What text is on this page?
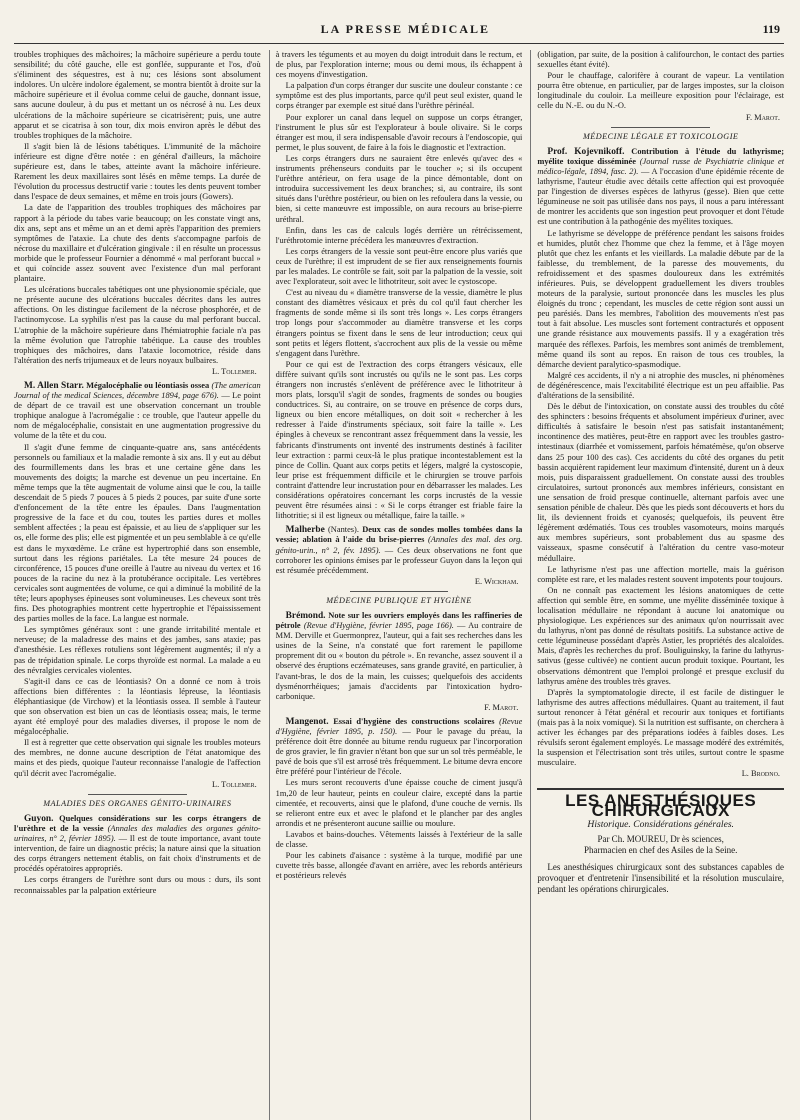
LA PRESSE MÉDICALE	119

troubles trophiques des mâchoires; la mâchoire supérieure a perdu toute sensibilité; du côté gauche, elle est gonflée, suppurante et l'os, d'où s'éliminent des séquestres, est à nu; ces lésions sont absolument indolores. Un ulcère indolore également, se montra bientôt à droite sur la mâchoire supérieure et il évolua comme celui de gauche, donnant issue, sans aucune douleur, à du pus et mettant un os nécrosé à nu. Les deux ulcérations de la mâchoire supérieure se cicatrisèrent; puis, une autre apparut et se cicatrisa à son tour, dix mois environ après le début des troubles trophiques de la mâchoire.

Il s'agit bien là de lésions tabétiques. L'immunité de la mâchoire inférieure est digne d'être notée : en général d'ailleurs, la mâchoire supérieure est, dans le tabes, atteinte avant la mâchoire inférieure. Rarement les deux maxillaires sont lésés en même temps. La durée de l'évolution du processus destructif varie : toutes les dents peuvent tomber dans l'espace de deux semaines, et même en trois jours (Gowers).

La date de l'apparition des troubles trophiques des mâchoires par rapport à la période du tabes varie beaucoup; on les constate vingt ans, dix ans, sept ans et même un an et demi après l'apparition des premiers symptômes de l'ataxie. La chute des dents s'accompagne parfois de nécrose du maxillaire et d'ulcération gingivale : il en résulte un processus morbide que le professeur Fournier a dénommé « mal perforant buccal » et qui coïncide assez souvent avec l'existence d'un mal perforant plantaire.

Les ulcérations buccales tabétiques ont une physionomie spéciale, que ne présente aucune des ulcérations buccales décrites dans les autres affections. On les distingue facilement de la nécrose phosphorée, et de l'actinomycose. La syphilis n'est pas la cause du mal perforant buccal. L'atrophie de la mâchoire supérieure dans l'hémiatrophie faciale n'a pas la même évolution que l'atrophie tabétique. La cause des troubles trophiques des mâchoires, dans l'ataxie locomotrice, réside dans l'altération des nerfs trijumeaux et de leurs noyaux bulbaires.

L. Tollemer.

M. Allen Starr. Mégalocéphalie ou léontiasis ossea (The american Journal of the medical Sciences, décembre 1894, page 676). — Le point de départ de ce travail est une observation concernant un trouble trophique analogue à l'acromégalie : ce trouble, que l'auteur appelle du nom de mégalocéphalie, consistait en une augmentation progressive du volume de la tête et du cou.

Il s'agit d'une femme de cinquante-quatre ans, sans antécédents personnels ou familiaux et la maladie remonte à six ans. Il y eut au début des fourmillements dans les bras et une certaine gêne dans les mouvements des doigts; la marche est devenue un peu incertaine. En même temps que la tête augmentait de volume ainsi que le cou, la taille descendait de 5 pieds 7 pouces à 5 pieds 2 pouces, par suite d'une sorte d'enfoncement de la tête entre les épaules. Dans l'augmentation progressive de la face et du cou, toutes les parties dures et molles semblent affectées ; la peau est épaissie, et au lieu de s'appliquer sur les os, elle forme des plis; elle est pigmentée et un peu semblable à ce qu'elle est dans le myxœdème. Le crâne est hypertrophié dans son ensemble, surtout dans les régions pariétales. La tête mesure 24 pouces de circonférence, 15 pouces d'une oreille à l'autre au niveau du vertex et 16 pouces de la racine du nez à la protubérance occipitale. Les vertèbres cervicales sont augmentées de volume, ce qui a diminué la mobilité de la tête; leurs apophyses épineuses sont volumineuses. Les cheveux sont très fins. Des photographies montrent cette hypertrophie et l'épaississement des parties molles de la face. La langue est normale.

Les symptômes généraux sont : une grande irritabilité mentale et nerveuse; de la maladresse des mains et des jambes, sans ataxie; pas d'anesthésie. Les réflexes rotuliens sont légèrement augmentés; il n'y a pas de trépidation spinale. Le corps thyroïde est normal. La malade a eu des névralgies cervicales violentes.

S'agit-il dans ce cas de léontiasis? On a donné ce nom à trois affections bien différentes : la léontiasis lépreuse, la léontiasis éléphantiasique (de Virchow) et la léontiasis ossea. Il semble à l'auteur que son observation est bien un cas de léontiasis ossea; mais, le terme ayant été employé pour des maladies diverses, il propose le nom de mégalocéphalie.

Il est à regretter que cette observation qui signale les troubles moteurs des membres, ne donne aucune description de l'état anatomique des mains et des pieds, quoique l'auteur reconnaisse l'analogie de l'affection qu'il décrit avec l'acromégalie.

L. Tollemer.
MALADIES DES ORGANES GÉNITO-URINAIRES

Guyon. Quelques considérations sur les corps étrangers de l'urèthre et de la vessie (Annales des maladies des organes génito-urinaires, n° 2, février 1895). — Il est de toute importance, avant toute intervention, de faire un diagnostic précis; la nature ainsi que la situation des corps étrangers nettement établis, on fait choix d'instruments et de procédés opératoires appropriés.

Les corps étrangers de l'urèthre sont durs ou mous : durs, ils sont reconnaissables par la palpation extérieure

à travers les téguments et au moyen du doigt introduit dans le rectum, et de plus, par l'exploration interne; mous ou demi mous, ils échappent à ces moyens d'investigation.

La palpation d'un corps étranger dur suscite une douleur constante : ce symptôme est des plus importants, parce qu'il peut seul exister, quand le corps étranger par exemple est situé dans l'urèthre périnéal.

Pour explorer un canal dans lequel on suppose un corps étranger, l'instrument le plus sûr est l'explorateur à boule olivaire. Si le corps étranger est mou, il sera indispensable d'avoir recours à l'endoscopie, qui permet, le plus souvent, de faire à la fois le diagnostic et l'extraction.

Les corps étrangers durs ne sauraient être enlevés qu'avec des « instruments préhenseurs conduits par le toucher »; si ils occupent l'urèthre antérieur, on fera usage de la pince démontable, dont on introduira successivement les deux branches; si, au contraire, ils sont situés dans l'urèthre postérieur, ou bien on les refoulera dans la vessie, ou bien, si cette manœuvre est impossible, on aura recours au brise-pierre uréthral.

Enfin, dans les cas de calculs logés derrière un rétrécissement, l'uréthrotomie interne précédera les manœuvres d'extraction.

Les corps étrangers de la vessie sont peut-être encore plus variés que ceux de l'urèthre; il est imprudent de se fier aux renseignements fournis par les malades. Le contrôle se fait, soit par la palpation de la vessie, soit avec l'explorateur, soit avec le lithotriteur, soit avec le cystoscope.

C'est au niveau du « diamètre transverse de la vessie, diamètre le plus constant des diamètres vésicaux et près du col qu'il faut chercher les fragments de sonde même si ils sont très longs ». Les corps étrangers trop longs pour s'accommoder au diamètre transverse et les corps étrangers pointus se fixent dans le sens de leur introduction; ceux qui sont petits et légers flottent, s'accrochent aux plis de la vessie ou même s'engagent dans l'urèthre.

Pour ce qui est de l'extraction des corps étrangers vésicaux, elle diffère suivant qu'ils sont incrustés ou qu'ils ne le sont pas. Les corps étrangers non incrustés s'enlèvent de préférence avec le lithotriteur à mors plats, lorsqu'il s'agit de sondes, fragments de sondes ou bougies conductrices. Si, au contraire, on se trouve en présence de corps durs, ligneux ou bien encore métalliques, on doit soit « rechercher à les redresser à l'aide d'instruments spéciaux, soit faire la taille ». Les épingles à cheveux se rencontrant assez fréquemment dans la vessie, les fabricants d'instruments ont inventé des instruments destinés à faciliter leur extraction : parmi ceux-là le plus pratique incontestablement est la pince de Collin. Quant aux corps petits et légers, malgré la cystoscopie, leur prise est fréquemment difficile et le chirurgien se trouve parfois contraint d'attendre leur incrustation pour en débarrasser les malades. Les considérations opératoires concernant les corps incrustés de la vessie peuvent être résumées ainsi : « Si le corps étranger est friable faire la lithotritie; si il est ligneux ou métallique, faire la taille. »

Malherbe (Nantes). Deux cas de sondes molles tombées dans la vessie; ablation à l'aide du brise-pierres (Annales des mal. des org. génito-urin., n° 2, fév. 1895). — Ces deux observations ne font que corroborer les opinions émises par le professeur Guyon dans la leçon qui est résumée précédemment.

E. Wickham.
MÉDECINE PUBLIQUE ET HYGIÈNE

Brémond. Note sur les ouvriers employés dans les raffineries de pétrole (Revue d'Hygiène, février 1895, page 166). — Au contraire de MM. Derville et Guermonprez, l'auteur, qui a fait ses recherches dans les usines de la Seine, n'a constaté que fort rarement le papillome proprement dit ou « bouton du pétrole ». En revanche, assez souvent il a observé des éruptions eczémateuses, sans grande gravité, en particulier, à l'avant-bras, le dos de la main, les cuisses; quelquefois des accidents dysménorrhéiques; jamais d'accidents par l'intoxication hydro-carbonique.

F. Marot.

Mangenot. Essai d'hygiène des constructions scolaires (Revue d'Hygiène, février 1895, p. 150). — Pour le pavage du préau, la préférence doit être donnée au bitume rendu rugueux par l'incorporation de gros gravier, le fin gravier n'étant bon que sur un sol très perméable, le pavé de bois que s'il est arrosé très fréquemment. Le bitume devra encore être préféré pour l'intérieur de l'école.

Les murs seront recouverts d'une épaisse couche de ciment jusqu'à 1m,20 de leur hauteur, peints en couleur claire, excepté dans la partie cimentée, et recouverts, ainsi que le plafond, d'une couche de vernis. Ils se relieront entre eux et avec le plafond et le plancher par des angles arrondis et ne présenteront aucune saillie ou moulure.

Lavabos et bains-douches. Vêtements laissés à l'extérieur de la salle de classe.

Pour les cabinets d'aisance : système à la turque, modifié par une cuvette très basse, allongée d'avant en arrière, avec les rebords antérieurs et postérieurs relevés

(obligation, par suite, de la position à califourchon, le contact des parties sexuelles étant évité).

Pour le chauffage, calorifère à courant de vapeur. La ventilation pourra être obtenue, en particulier, par de larges impostes, sur la cloison longitudinale du couloir. La meilleure exposition pour l'éclairage, est celle du N.-E. ou du N.-O.

F. Marot.
MÉDECINE LÉGALE ET TOXICOLOGIE

Prof. Kojevnikoff. Contribution à l'étude du lathyrisme; myélite toxique disséminée (Journal russe de Psychiatrie clinique et médico-légale, 1894, fasc. 2). — A l'occasion d'une épidémie récente de lathyrisme, l'auteur étudie avec détails cette affection qui est provoquée par l'ingestion de diverses espèces de lathyrus (gesse). Bien que cette légumineuse ne soit pas utilisée dans nos pays, il nous a paru intéressant de montrer les accidents que son ingestion peut provoquer et dont l'étude est une contribution à la pathogénie des myélites toxiques.

Le lathyrisme se développe de préférence pendant les saisons froides et humides, plutôt chez l'homme que chez la femme, et à l'âge moyen plutôt que chez les enfants et les vieillards. La maladie débute par de la faiblesse, du tremblement, de la paresse des mouvements, du refroidissement et des spasmes douloureux dans les extrémités inférieures. Puis, se développent graduellement les divers troubles moteurs de la paralysie, surtout prononcée dans les muscles les plus éloignés du tronc ; cependant, les muscles de cette région sont aussi un peu parésiés. Dans les membres, l'abolition des mouvements n'est pas tout à fait absolue. Les muscles sont fortement contracturés et opposent une grande résistance aux mouvements passifs. Il y a exagération très marquée des réflexes. Parfois, les membres sont animés de tremblement, même quand ils sont au repos. En raison de tous ces troubles, la démarche devient paralytico-spasmodique.

Malgré ces accidents, il n'y a ni atrophie des muscles, ni phénomènes de dégénérescence, mais l'excitabilité électrique est un peu affaiblie. Pas d'altérations de la sensibilité.

Dès le début de l'intoxication, on constate aussi des troubles du côté des sphincters : besoins fréquents et absolument impérieux d'uriner, avec difficultés à satisfaire le besoin n'est pas satisfait instantanément; incontinence des matières, peut-être en rapport avec les troubles gastro-intestinaux (diarrhée et vomissement, parfois hématémèse, qu'on observe dans 25 pour 100 des cas). Ces accidents du côté des organes du petit bassin acquièrent rapidement leur maximum d'intensité, durent un à deux mois, puis disparaissent graduellement. On constate aussi des troubles circulatoires, surtout prononcés aux membres inférieurs, consistant en une sensation de froid presque continuelle, alternant parfois avec une sensation pénible de chaleur. Dès que les pieds sont découverts et hors du lit, ils deviennent froids et cyanosés; quelquefois, ils peuvent être légèrement œdématiés. Tous ces troubles vasomoteurs, moins marqués aux membres supérieurs, sont probablement dus au spasme des vaisseaux, spasme consécutif à l'altération du centre vaso-moteur médullaire.

Le lathyrisme n'est pas une affection mortelle, mais la guérison complète est rare, et les malades restent souvent impotents pour toujours.

On ne connaît pas exactement les lésions anatomiques de cette affection qui semble être, en somme, une myélite disséminée toxique à localisation médullaire ne répondant à aucune loi anatomique ou physiologique. Les expériences sur des animaux qu'on nourrissait avec du lathyrus, n'ont pas donné de résultats positifs. La substance active de cette légumineuse possédant d'après Astier, les propriétés des alcaloïdes. Mais, d'après les recherches du prof. Bouliguinsky, la farine du lathyrus-sativus (gesse cultivée) ne contient aucun produit toxique. Pourtant, les observations démontrent que l'emploi prolongé et presque exclusif du lathyrus amène des troubles très graves.

D'après la symptomatologie directe, il est facile de distinguer le lathyrisme des autres affections médullaires. Quant au traitement, il faut surtout renoncer à l'état général et recourir aux toniques et fortifiants (mais pas à la noix vomique). Si la nutrition est suffisante, on cherchera à activer les échanges par des préparations iodées à faibles doses. Les révulsifs seront également employés. Le massage modéré des extrémités, la suspension et l'électrisation sont très utiles, surtout contre le spasme musculaire.

L. Brodno.
LES ANESTHÉSIQUES CHIRURGICAUX
Historique. Considérations générales.
Par Ch. MOUREU, Dr ès sciences,
Pharmacien en chef des Asiles de la Seine.

Les anesthésiques chirurgicaux sont des substances capables de provoquer et d'entretenir l'insensibilité et la résolution musculaire, pendant les opérations chirurgicales.
